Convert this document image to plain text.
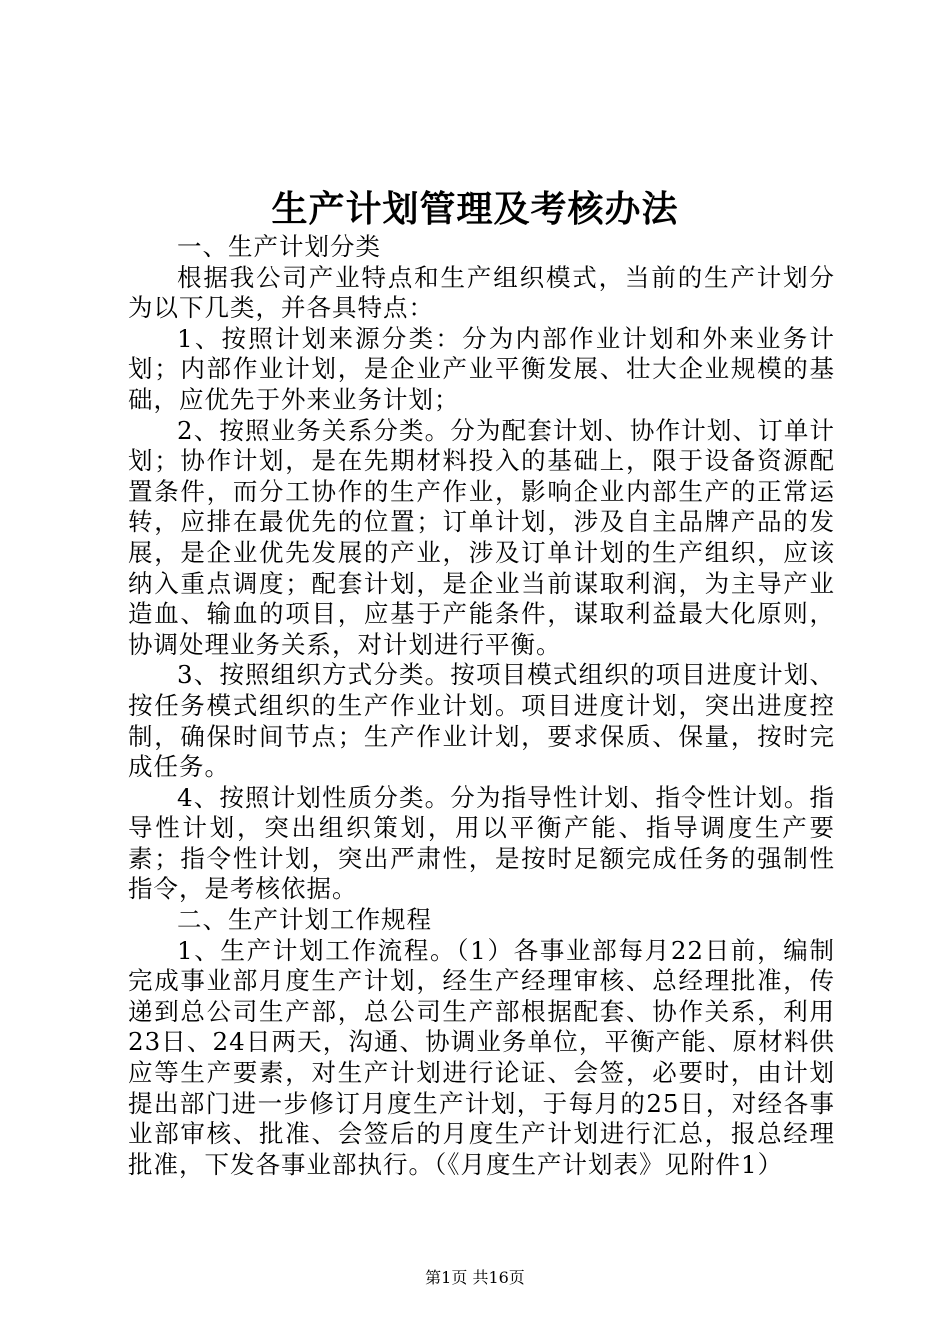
生产计划管理及考核办法

一、生产计划分类

根据我公司产业特点和生产组织模式，当前的生产计划分为以下几类，并各具特点：

1、按照计划来源分类：分为内部作业计划和外来业务计划；内部作业计划，是企业产业平衡发展、壮大企业规模的基础，应优先于外来业务计划；

2、按照业务关系分类。分为配套计划、协作计划、订单计划；协作计划，是在先期材料投入的基础上，限于设备资源配置条件，而分工协作的生产作业，影响企业内部生产的正常运转，应排在最优先的位置；订单计划，涉及自主品牌产品的发展，是企业优先发展的产业，涉及订单计划的生产组织，应该纳入重点调度；配套计划，是企业当前谋取利润，为主导产业造血、输血的项目，应基于产能条件，谋取利益最大化原则，协调处理业务关系，对计划进行平衡。

3、按照组织方式分类。按项目模式组织的项目进度计划、按任务模式组织的生产作业计划。项目进度计划，突出进度控制，确保时间节点；生产作业计划，要求保质、保量，按时完成任务。

4、按照计划性质分类。分为指导性计划、指令性计划。指导性计划，突出组织策划，用以平衡产能、指导调度生产要素；指令性计划，突出严肃性，是按时足额完成任务的强制性指令，是考核依据。

二、生产计划工作规程

1、生产计划工作流程。（1）各事业部每月22日前，编制完成事业部月度生产计划，经生产经理审核、总经理批准，传递到总公司生产部，总公司生产部根据配套、协作关系，利用23日、24日两天，沟通、协调业务单位，平衡产能、原材料供应等生产要素，对生产计划进行论证、会签，必要时，由计划提出部门进一步修订月度生产计划，于每月的25日，对经各事业部审核、批准、会签后的月度生产计划进行汇总，报总经理批准，下发各事业部执行。（《月度生产计划表》见附件1）

第1页 共16页
